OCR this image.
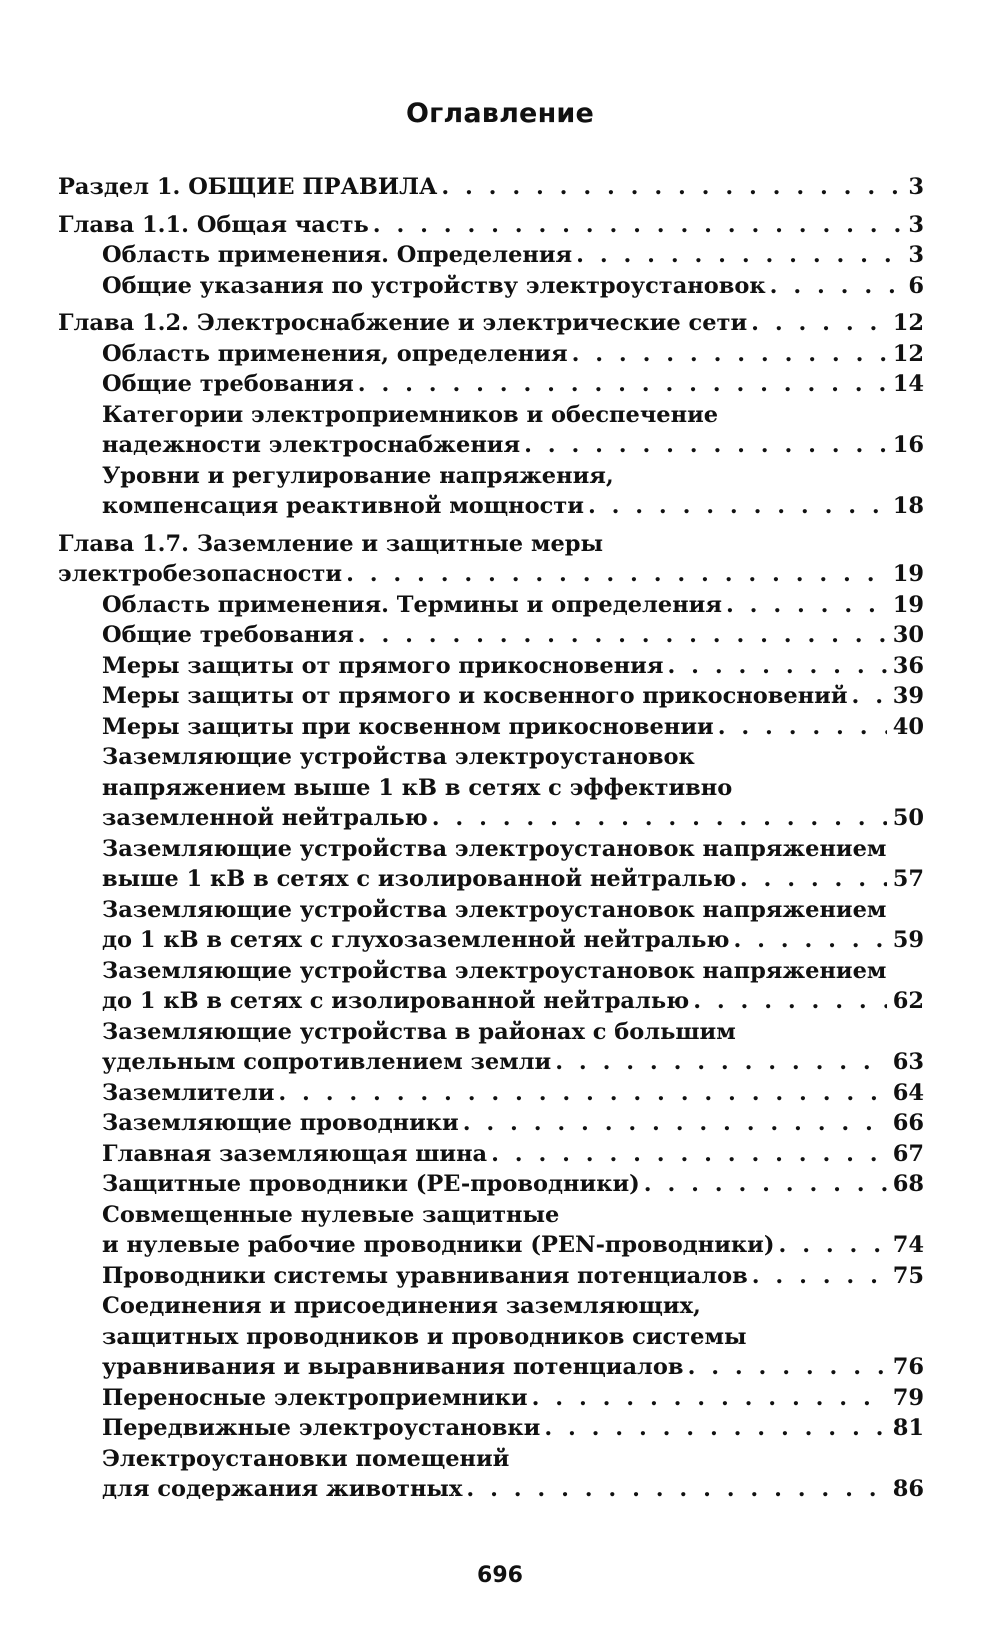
Оглавление
Раздел 1. ОБЩИЕ ПРАВИЛА . . .	3
Глава 1.1. Общая часть . . .	3
Область применения. Определения . . .	3
Общие указания по устройству электроустановок . . .	6
Глава 1.2. Электроснабжение и электрические сети . . .	12
Область применения, определения . . .	12
Общие требования . . .	14
Категории электроприемников и обеспечение
надежности электроснабжения . . .	16
Уровни и регулирование напряжения,
компенсация реактивной мощности . . .	18
Глава 1.7. Заземление и защитные меры
электробезопасности . . .	19
Область применения. Термины и определения . . .	19
Общие требования . . .	30
Меры защиты от прямого прикосновения . . .	36
Меры защиты от прямого и косвенного прикосновений . . . 39
Меры защиты при косвенном прикосновении . . .	40
Заземляющие устройства электроустановок
напряжением выше 1 кВ в сетях с эффективно
заземленной нейтралью . . .	50
Заземляющие устройства электроустановок напряжением
выше 1 кВ в сетях с изолированной нейтралью . . .	57
Заземляющие устройства электроустановок напряжением
до 1 кВ в сетях с глухозаземленной нейтралью . . .	59
Заземляющие устройства электроустановок напряжением
до 1 кВ в сетях с изолированной нейтралью . . .	62
Заземляющие устройства в районах с большим
удельным сопротивлением земли . . .	63
Заземлители . . .	64
Заземляющие проводники . . .	66
Главная заземляющая шина . . .	67
Защитные проводники (PE-проводники) . . .	68
Совмещенные нулевые защитные
и нулевые рабочие проводники (PEN-проводники) . . .	74
Проводники системы уравнивания потенциалов . . .	75
Соединения и присоединения заземляющих,
защитных проводников и проводников системы
уравнивания и выравнивания потенциалов . . .	76
Переносные электроприемники . . .	79
Передвижные электроустановки . . .	81
Электроустановки помещений
для содержания животных . . .	86
696
